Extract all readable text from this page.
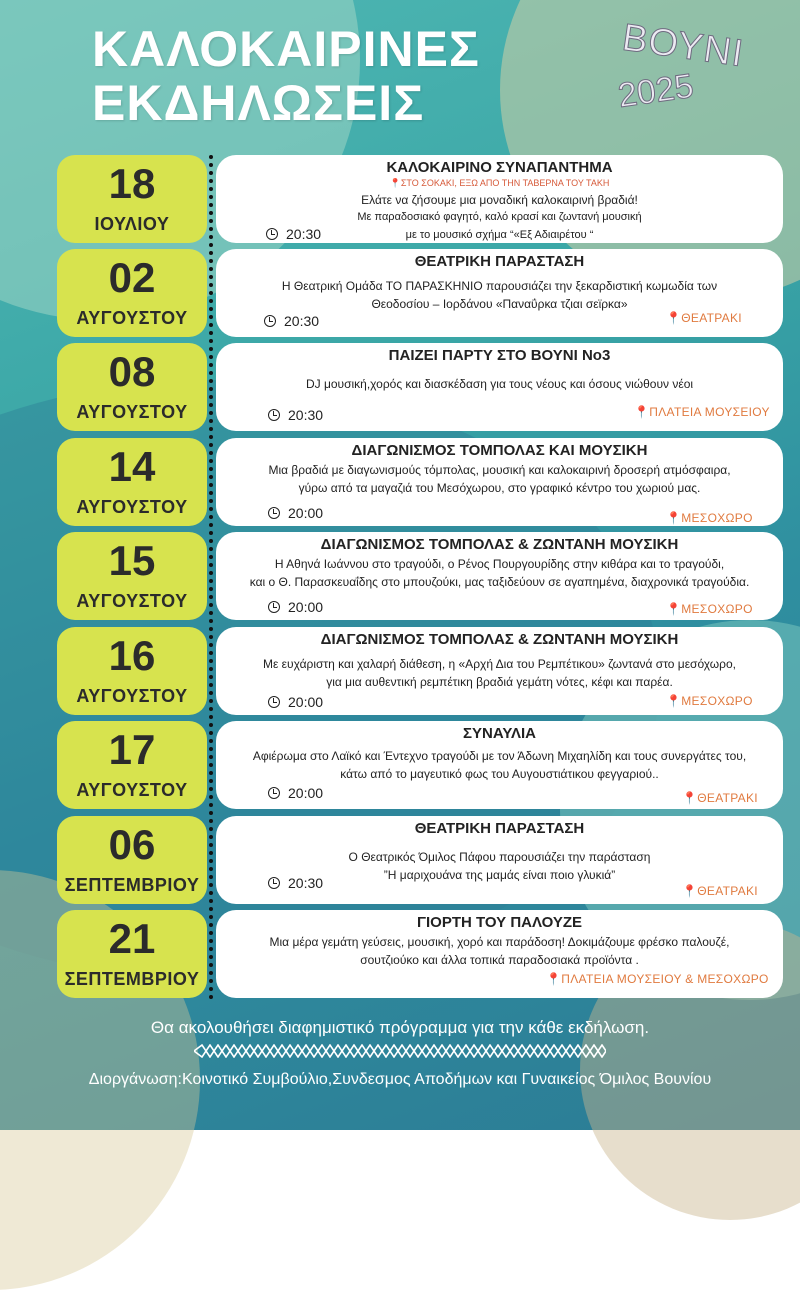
ΚΑΛΟΚΑΙΡΙΝΕΣ
ΕΚΔΗΛΩΣΕΙΣ
ΒΟΥΝΙ
2025
18
ΙΟΥΛΙΟΥ
ΚΑΛΟΚΑΙΡΙΝΟ ΣΥΝΑΠΑΝΤΗΜΑ
📍ΣΤΟ ΣΟΚΑΚΙ, ΕΞΩ ΑΠΟ ΤΗΝ ΤΑΒΕΡΝΑ ΤΟΥ ΤΑΚΗ
Ελάτε να ζήσουμε μια μοναδική καλοκαιρινή βραδιά!
Με παραδοσιακό φαγητό, καλό κρασί και ζωντανή μουσική
με το μουσικό σχήμα “«Εξ Αδιαιρέτου “
20:30
02
ΑΥΓΟΥΣΤΟΥ
ΘΕΑΤΡΙΚΗ ΠΑΡΑΣΤΑΣΗ
Η Θεατρική Ομάδα ΤΟ ΠΑΡΑΣΚΗΝΙΟ παρουσιάζει την ξεκαρδιστική κωμωδία των
Θεοδοσίου – Ιορδάνου «Παναΰρκα τζιαι σεϊρκα»
20:30	📍ΘΕΑΤΡΑΚΙ
08
ΑΥΓΟΥΣΤΟΥ
ΠΑΙΖΕΙ ΠΑΡΤΥ ΣΤΟ ΒΟΥΝΙ Νο3
DJ μουσική,χορός και διασκέδαση για τους νέους και όσους νιώθουν νέοι
20:30	📍ΠΛΑΤΕΙΑ ΜΟΥΣΕΙΟΥ
14
ΑΥΓΟΥΣΤΟΥ
ΔΙΑΓΩΝΙΣΜΟΣ ΤΟΜΠΟΛΑΣ ΚΑΙ ΜΟΥΣΙΚΗ
Μια βραδιά με διαγωνισμούς τόμπολας, μουσική και καλοκαιρινή δροσερή ατμόσφαιρα,
γύρω από τα μαγαζιά του Μεσόχωρου, στο γραφικό κέντρο του χωριού μας.
20:00	📍ΜΕΣΟΧΩΡΟ
15
ΑΥΓΟΥΣΤΟΥ
ΔΙΑΓΩΝΙΣΜΟΣ ΤΟΜΠΟΛΑΣ & ΖΩΝΤΑΝΗ ΜΟΥΣΙΚΗ
Η Αθηνά Ιωάννου στο τραγούδι, ο Ρένος Πουργουρίδης στην κιθάρα και το τραγούδι,
και ο Θ. Παρασκευαΐδης στο μπουζούκι, μας ταξιδεύουν σε αγαπημένα, διαχρονικά τραγούδια.
20:00	📍ΜΕΣΟΧΩΡΟ
16
ΑΥΓΟΥΣΤΟΥ
ΔΙΑΓΩΝΙΣΜΟΣ ΤΟΜΠΟΛΑΣ & ΖΩΝΤΑΝΗ ΜΟΥΣΙΚΗ
Με ευχάριστη και χαλαρή διάθεση, η «Αρχή Δια του Ρεμπέτικου» ζωντανά στο μεσόχωρο,
για μια αυθεντική ρεμπέτικη βραδιά γεμάτη νότες, κέφι και παρέα.
20:00	📍ΜΕΣΟΧΩΡΟ
17
ΑΥΓΟΥΣΤΟΥ
ΣΥΝΑΥΛΙΑ
Αφιέρωμα στο Λαϊκό και Έντεχνο τραγούδι με τον Άδωνη Μιχαηλίδη και τους συνεργάτες του,
κάτω από το μαγευτικό φως του Αυγουστιάτικου φεγγαριού..
20:00	📍ΘΕΑΤΡΑΚΙ
06
ΣΕΠΤΕΜΒΡΙΟΥ
ΘΕΑΤΡΙΚΗ ΠΑΡΑΣΤΑΣΗ
Ο Θεατρικός Όμιλος Πάφου παρουσιάζει την παράσταση
”Η μαριχουάνα της μαμάς είναι ποιο γλυκιά”
20:30	📍ΘΕΑΤΡΑΚΙ
21
ΣΕΠΤΕΜΒΡΙΟΥ
ΓΙΟΡΤΗ ΤΟΥ ΠΑΛΟΥΖΕ
Μια μέρα γεμάτη γεύσεις, μουσική, χορό και παράδοση! Δοκιμάζουμε φρέσκο παλουζέ,
σουτζιούκο και άλλα τοπικά παραδοσιακά προϊόντα .
📍ΠΛΑΤΕΙΑ ΜΟΥΣΕΙΟΥ & ΜΕΣΟΧΩΡΟ
Θα ακολουθήσει διαφημιστικό πρόγραμμα για την κάθε εκδήλωση.
Διοργάνωση:Κοινοτικό Συμβούλιο,Συνδεσμος Αποδήμων και Γυναικείος Όμιλος Βουνίου
